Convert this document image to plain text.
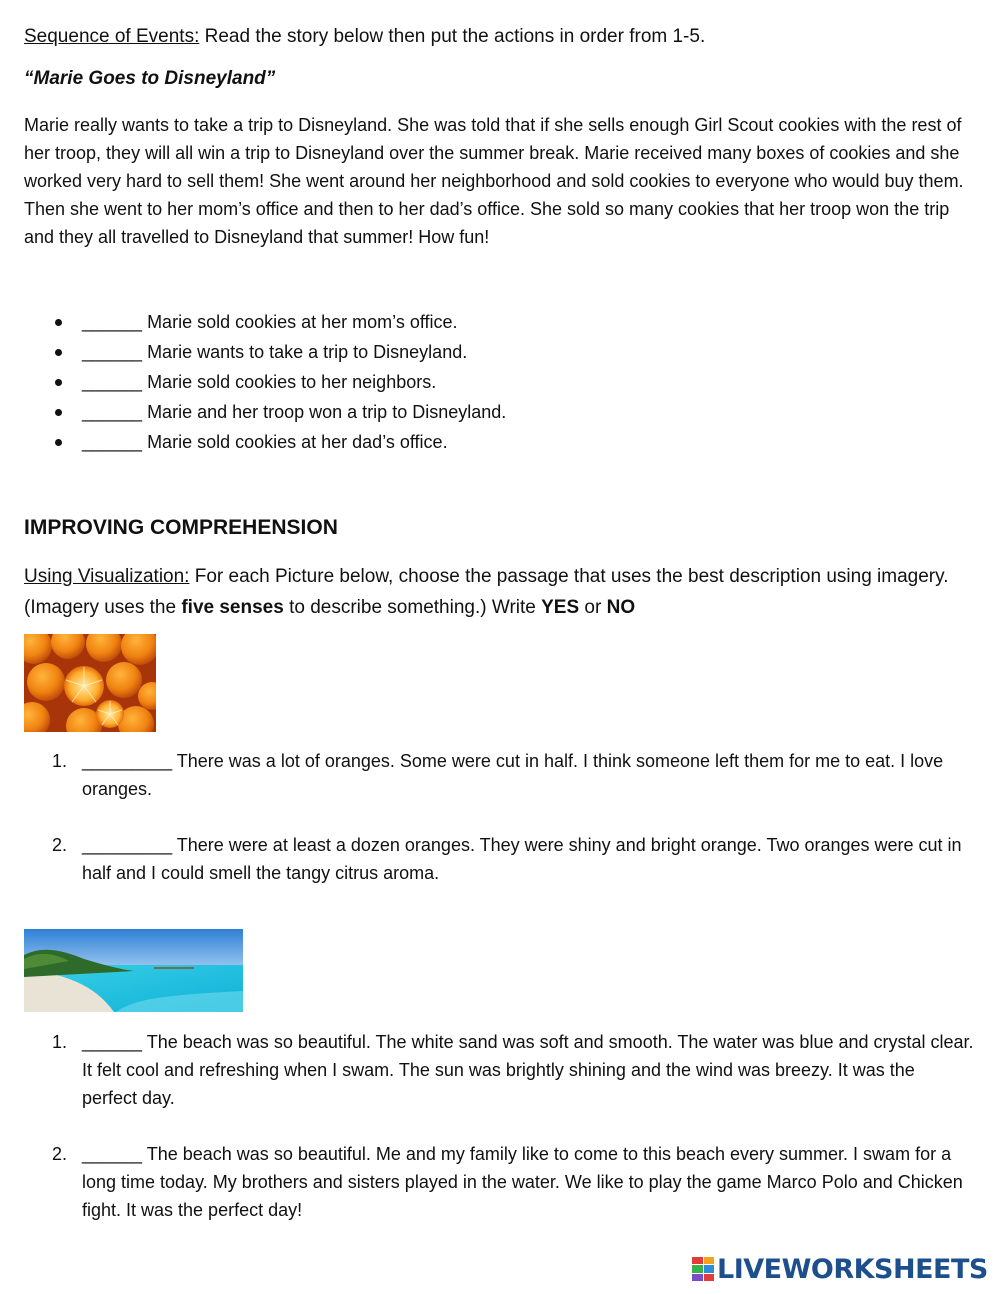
Sequence of Events: Read the story below then put the actions in order from 1-5.
“Marie Goes to Disneyland”

Marie really wants to take a trip to Disneyland. She was told that if she sells enough Girl Scout cookies with the rest of her troop, they will all win a trip to Disneyland over the summer break. Marie received many boxes of cookies and she worked very hard to sell them! She went around her neighborhood and sold cookies to everyone who would buy them.

Then she went to her mom’s office and then to her dad’s office. She sold so many cookies that her troop won the trip and they all travelled to Disneyland that summer! How fun!

______ Marie sold cookies at her mom’s office.
______ Marie wants to take a trip to Disneyland.
______ Marie sold cookies to her neighbors.
______ Marie and her troop won a trip to Disneyland.
______ Marie sold cookies at her dad’s office.
IMPROVING COMPREHENSION
Using Visualization: For each Picture below, choose the passage that uses the best description using imagery. (Imagery uses the five senses to describe something.) Write YES or NO
1. _________ There was a lot of oranges. Some were cut in half. I think someone left them for me to eat. I love oranges.
2. _________ There were at least a dozen oranges. They were shiny and bright orange. Two oranges were cut in half and I could smell the tangy citrus aroma.
1. ______ The beach was so beautiful. The white sand was soft and smooth. The water was blue and crystal clear. It felt cool and refreshing when I swam. The sun was brightly shining and the wind was breezy. It was the perfect day.
2. ______ The beach was so beautiful. Me and my family like to come to this beach every summer. I swam for a long time today. My brothers and sisters played in the water. We like to play the game Marco Polo and Chicken fight. It was the perfect day!
LIVEWORKSHEETS
